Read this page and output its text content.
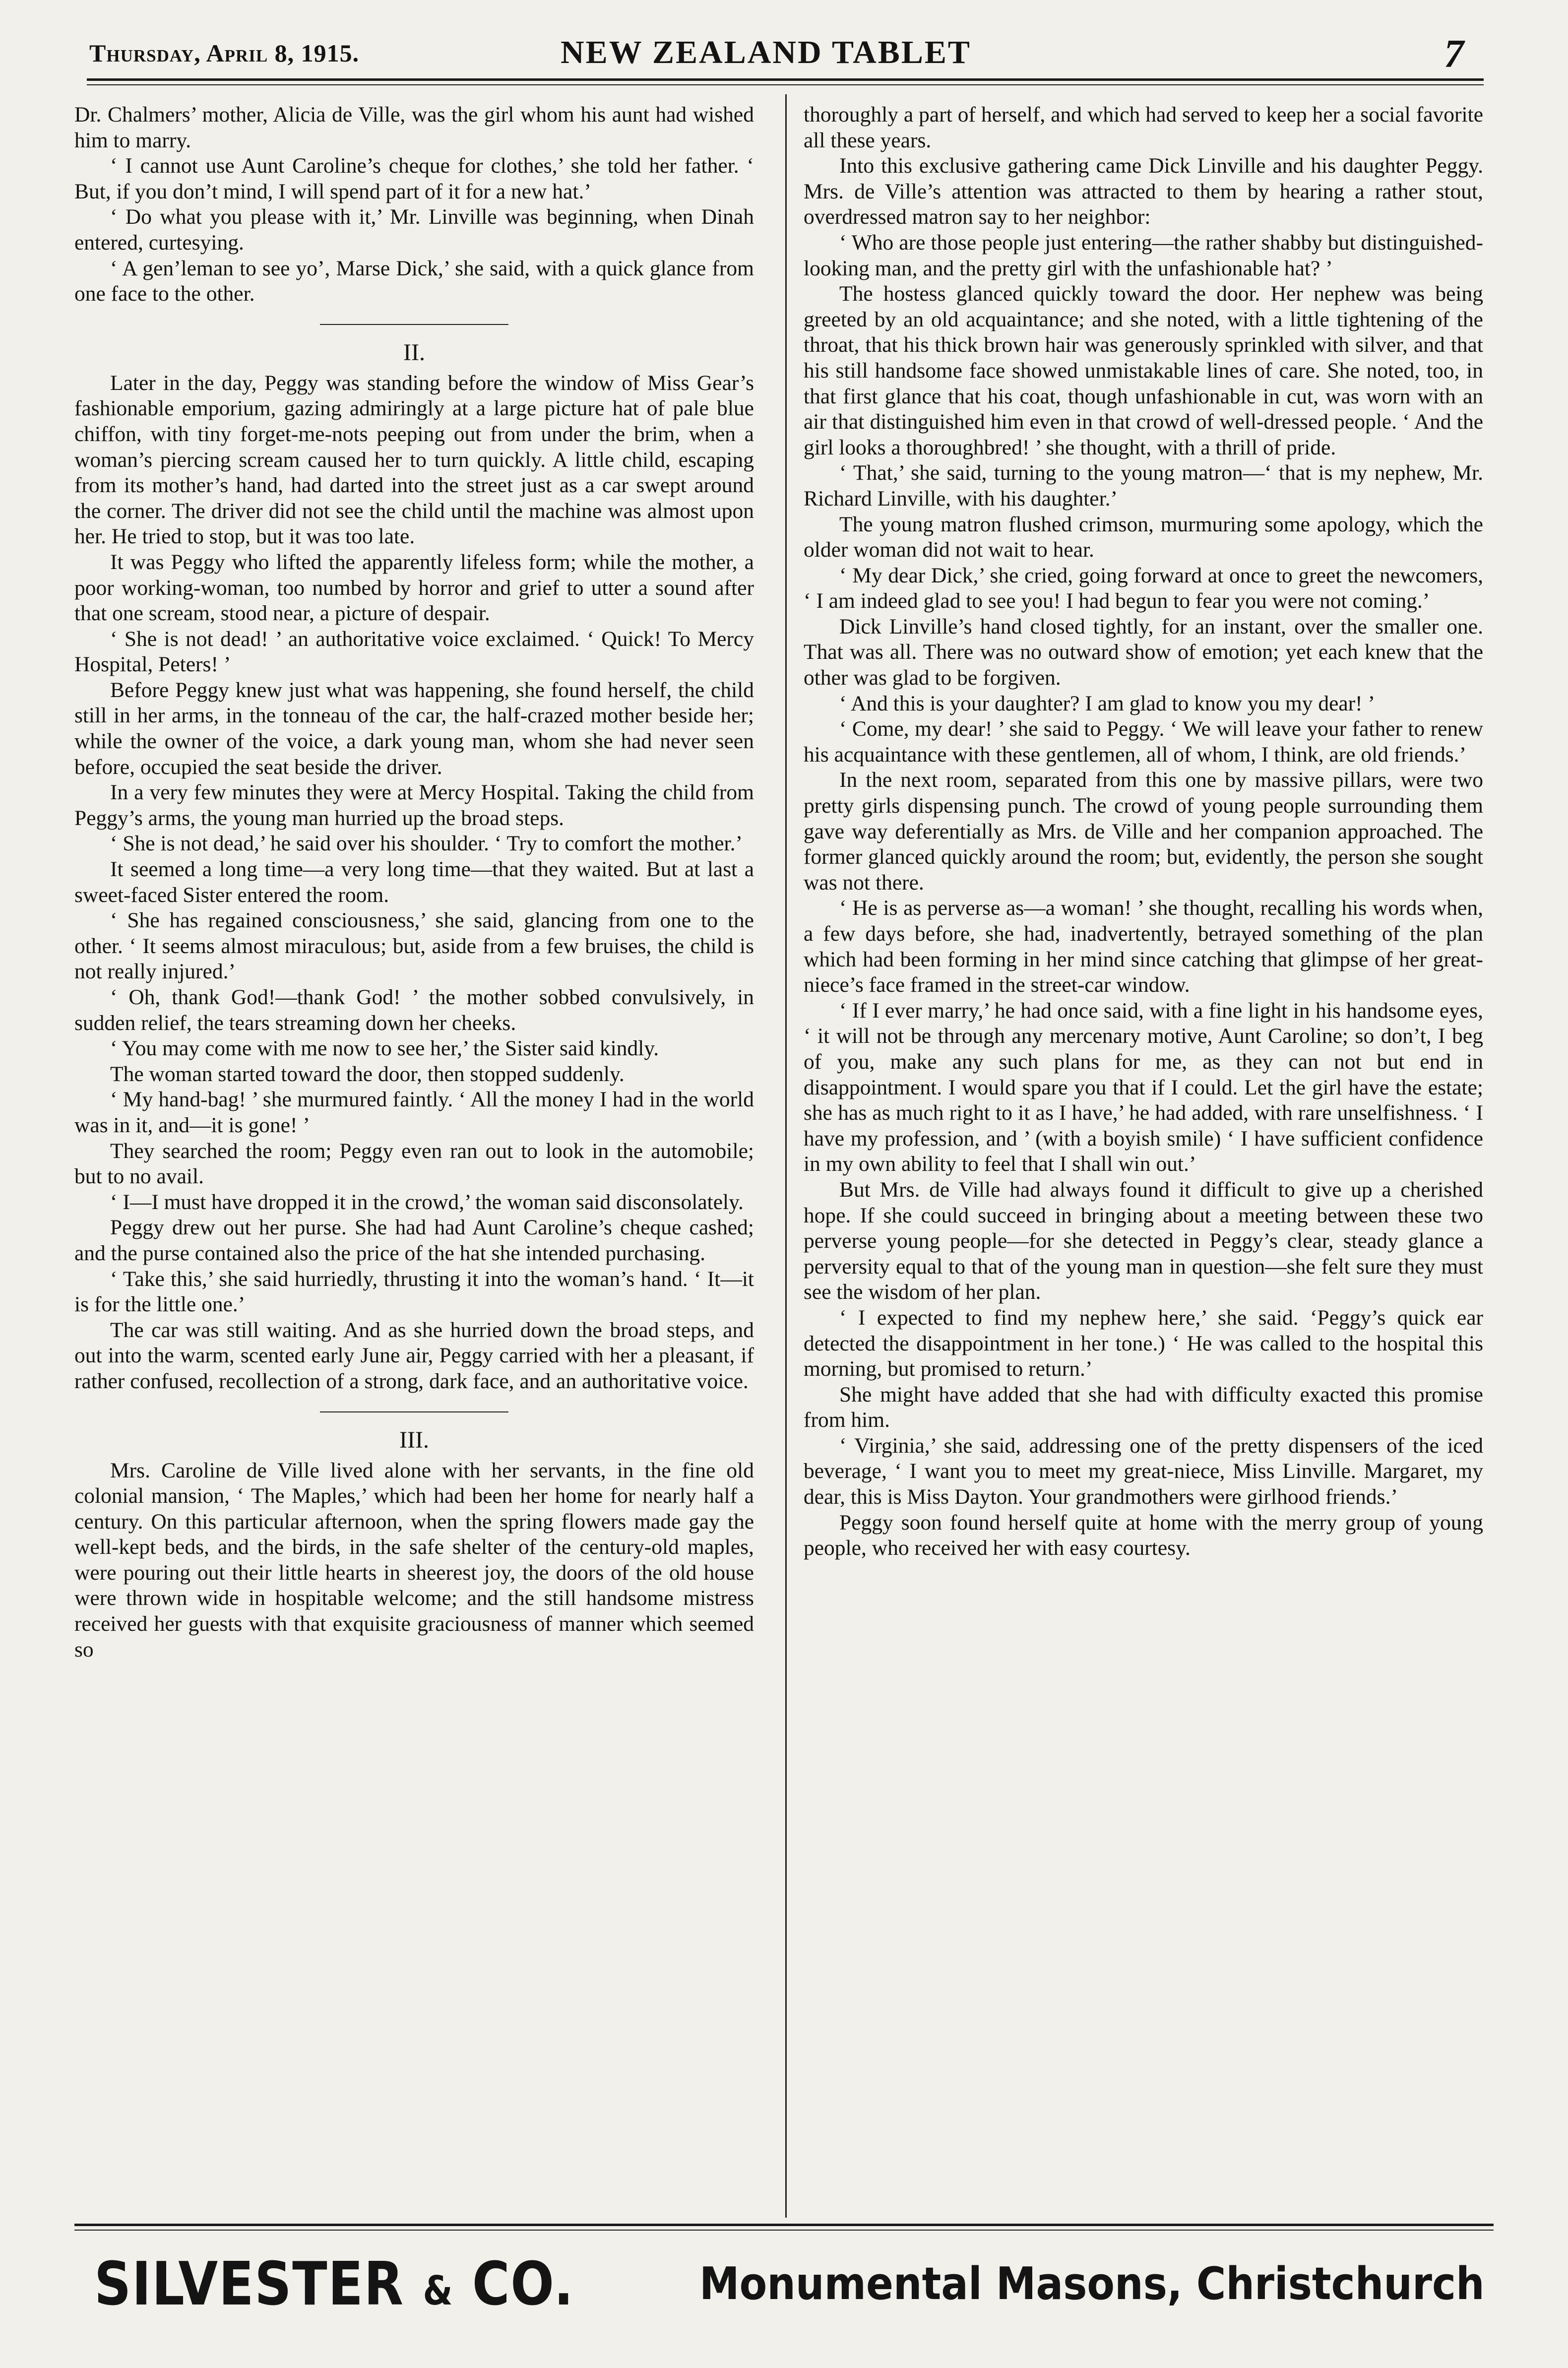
Thursday, April 8, 1915.	NEW ZEALAND TABLET	7

Dr. Chalmers’ mother, Alicia de Ville, was the girl whom his aunt had wished him to marry.

‘ I cannot use Aunt Caroline’s cheque for clothes,’ she told her father. ‘ But, if you don’t mind, I will spend part of it for a new hat.’

‘ Do what you please with it,’ Mr. Linville was beginning, when Dinah entered, curtesying.

‘ A gen’leman to see yo’, Marse Dick,’ she said, with a quick glance from one face to the other.

II.

Later in the day, Peggy was standing before the window of Miss Gear’s fashionable emporium, gazing admiringly at a large picture hat of pale blue chiffon, with tiny forget-me-nots peeping out from under the brim, when a woman’s piercing scream caused her to turn quickly. A little child, escaping from its mother’s hand, had darted into the street just as a car swept around the corner. The driver did not see the child until the machine was almost upon her. He tried to stop, but it was too late.

It was Peggy who lifted the apparently lifeless form; while the mother, a poor working-woman, too numbed by horror and grief to utter a sound after that one scream, stood near, a picture of despair.

‘ She is not dead! ’ an authoritative voice exclaimed. ‘ Quick! To Mercy Hospital, Peters! ’

Before Peggy knew just what was happening, she found herself, the child still in her arms, in the tonneau of the car, the half-crazed mother beside her; while the owner of the voice, a dark young man, whom she had never seen before, occupied the seat beside the driver.

In a very few minutes they were at Mercy Hospital. Taking the child from Peggy’s arms, the young man hurried up the broad steps.

‘ She is not dead,’ he said over his shoulder. ‘ Try to comfort the mother.’

It seemed a long time—a very long time—that they waited. But at last a sweet-faced Sister entered the room.

‘ She has regained consciousness,’ she said, glancing from one to the other. ‘ It seems almost miraculous; but, aside from a few bruises, the child is not really injured.’

‘ Oh, thank God!—thank God! ’ the mother sobbed convulsively, in sudden relief, the tears streaming down her cheeks.

‘ You may come with me now to see her,’ the Sister said kindly.

The woman started toward the door, then stopped suddenly.

‘ My hand-bag! ’ she murmured faintly. ‘ All the money I had in the world was in it, and—it is gone! ’

They searched the room; Peggy even ran out to look in the automobile; but to no avail.

‘ I—I must have dropped it in the crowd,’ the woman said disconsolately.

Peggy drew out her purse. She had had Aunt Caroline’s cheque cashed; and the purse contained also the price of the hat she intended purchasing.

‘ Take this,’ she said hurriedly, thrusting it into the woman’s hand. ‘ It—it is for the little one.’

The car was still waiting. And as she hurried down the broad steps, and out into the warm, scented early June air, Peggy carried with her a pleasant, if rather confused, recollection of a strong, dark face, and an authoritative voice.

III.

Mrs. Caroline de Ville lived alone with her servants, in the fine old colonial mansion, ‘ The Maples,’ which had been her home for nearly half a century. On this particular afternoon, when the spring flowers made gay the well-kept beds, and the birds, in the safe shelter of the century-old maples, were pouring out their little hearts in sheerest joy, the doors of the old house were thrown wide in hospitable welcome; and the still handsome mistress received her guests with that exquisite graciousness of manner which seemed so

thoroughly a part of herself, and which had served to keep her a social favorite all these years.

Into this exclusive gathering came Dick Linville and his daughter Peggy. Mrs. de Ville’s attention was attracted to them by hearing a rather stout, overdressed matron say to her neighbor:

‘ Who are those people just entering—the rather shabby but distinguished-looking man, and the pretty girl with the unfashionable hat? ’

The hostess glanced quickly toward the door. Her nephew was being greeted by an old acquaintance; and she noted, with a little tightening of the throat, that his thick brown hair was generously sprinkled with silver, and that his still handsome face showed unmistakable lines of care. She noted, too, in that first glance that his coat, though unfashionable in cut, was worn with an air that distinguished him even in that crowd of well-dressed people. ‘ And the girl looks a thoroughbred! ’ she thought, with a thrill of pride.

‘ That,’ she said, turning to the young matron—‘ that is my nephew, Mr. Richard Linville, with his daughter.’

The young matron flushed crimson, murmuring some apology, which the older woman did not wait to hear.

‘ My dear Dick,’ she cried, going forward at once to greet the newcomers, ‘ I am indeed glad to see you! I had begun to fear you were not coming.’

Dick Linville’s hand closed tightly, for an instant, over the smaller one. That was all. There was no outward show of emotion; yet each knew that the other was glad to be forgiven.

‘ And this is your daughter? I am glad to know you my dear! ’

‘ Come, my dear! ’ she said to Peggy. ‘ We will leave your father to renew his acquaintance with these gentlemen, all of whom, I think, are old friends.’

In the next room, separated from this one by massive pillars, were two pretty girls dispensing punch. The crowd of young people surrounding them gave way deferentially as Mrs. de Ville and her companion approached. The former glanced quickly around the room; but, evidently, the person she sought was not there.

‘ He is as perverse as—a woman! ’ she thought, recalling his words when, a few days before, she had, inadvertently, betrayed something of the plan which had been forming in her mind since catching that glimpse of her great-niece’s face framed in the street-car window.

‘ If I ever marry,’ he had once said, with a fine light in his handsome eyes, ‘ it will not be through any mercenary motive, Aunt Caroline; so don’t, I beg of you, make any such plans for me, as they can not but end in disappointment. I would spare you that if I could. Let the girl have the estate; she has as much right to it as I have,’ he had added, with rare unselfishness. ‘ I have my profession, and ’ (with a boyish smile) ‘ I have sufficient confidence in my own ability to feel that I shall win out.’

But Mrs. de Ville had always found it difficult to give up a cherished hope. If she could succeed in bringing about a meeting between these two perverse young people—for she detected in Peggy’s clear, steady glance a perversity equal to that of the young man in question—she felt sure they must see the wisdom of her plan.

‘ I expected to find my nephew here,’ she said. ‘Peggy’s quick ear detected the disappointment in her tone.) ‘ He was called to the hospital this morning, but promised to return.’

She might have added that she had with difficulty exacted this promise from him.

‘ Virginia,’ she said, addressing one of the pretty dispensers of the iced beverage, ‘ I want you to meet my great-niece, Miss Linville. Margaret, my dear, this is Miss Dayton. Your grandmothers were girlhood friends.’

Peggy soon found herself quite at home with the merry group of young people, who received her with easy courtesy.

SILVESTER & CO.	Monumental Masons, Christchurch
